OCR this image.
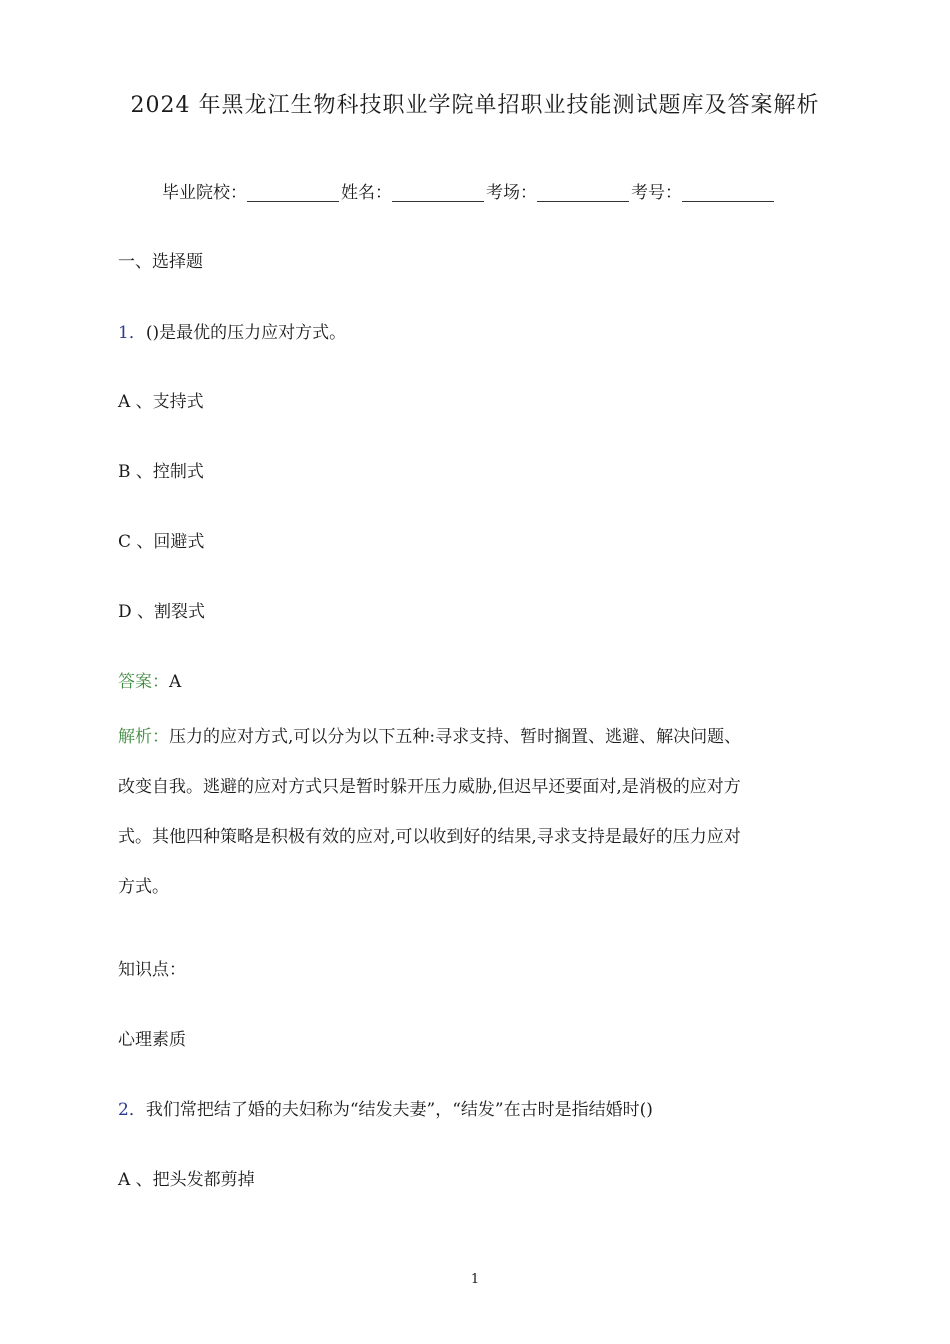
2024 年黑龙江生物科技职业学院单招职业技能测试题库及答案解析
毕业院校：	姓名：	考场：	考号：
一、选择题
1．()是最优的压力应对方式。
A 、支持式
B 、控制式
C 、回避式
D 、割裂式
答案：A
解析：压力的应对方式,可以分为以下五种:寻求支持、暂时搁置、逃避、解决问题、
改变自我。逃避的应对方式只是暂时躲开压力威胁,但迟早还要面对,是消极的应对方
式。其他四种策略是积极有效的应对,可以收到好的结果,寻求支持是最好的压力应对
方式。
知识点：
心理素质
2．我们常把结了婚的夫妇称为“结发夫妻”，“结发”在古时是指结婚时()
A 、把头发都剪掉
1
